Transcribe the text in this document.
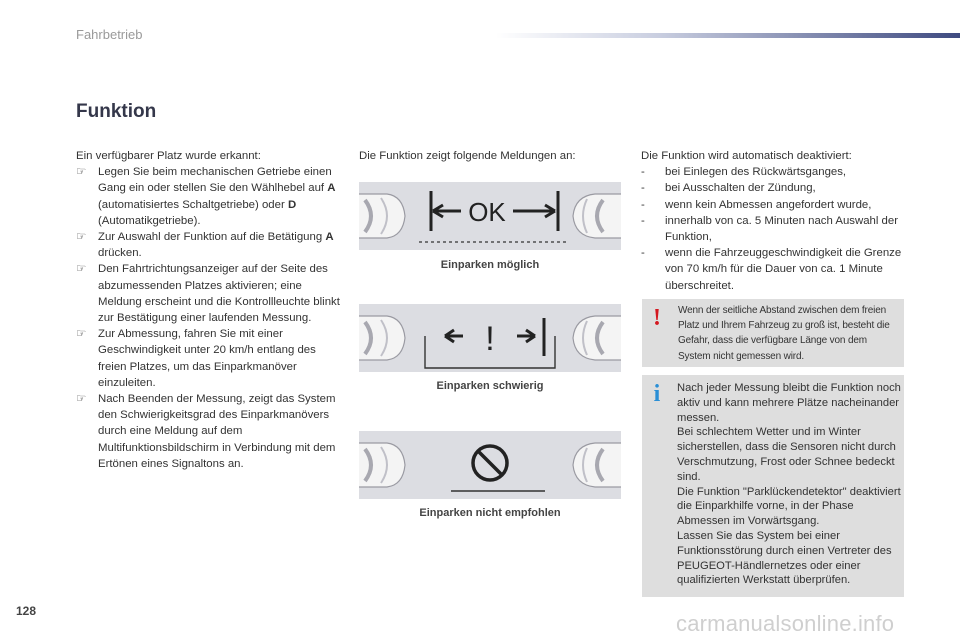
Fahrbetrieb
Funktion

Ein verfügbarer Platz wurde erkannt:

☞	Legen Sie beim mechanischen Getriebe einen Gang ein oder stellen Sie den Wählhebel auf A (automatisiertes Schaltgetriebe) oder D (Automatikgetriebe).
☞	Zur Auswahl der Funktion auf die Betätigung A drücken.
☞	Den Fahrtrichtungsanzeiger auf der Seite des abzumessenden Platzes aktivieren; eine Meldung erscheint und die Kontrollleuchte blinkt zur Bestätigung einer laufenden Messung.
☞	Zur Abmessung, fahren Sie mit einer Geschwindigkeit unter 20 km/h entlang des freien Platzes, um das Einparkmanöver einzuleiten.
☞	Nach Beenden der Messung, zeigt das System den Schwierigkeitsgrad des Einparkmanövers durch eine Meldung auf dem Multifunktionsbildschirm in Verbindung mit dem Ertönen eines Signaltons an.
Die Funktion zeigt folgende Meldungen an:
OK
Einparken möglich
!
Einparken schwierig
Einparken nicht empfohlen

Die Funktion wird automatisch deaktiviert:

-	bei Einlegen des Rückwärtsganges,
-	bei Ausschalten der Zündung,
-	wenn kein Abmessen angefordert wurde,
-	innerhalb von ca. 5 Minuten nach Auswahl der Funktion,
-	wenn die Fahrzeuggeschwindigkeit die Grenze von 70 km/h für die Dauer von ca. 1 Minute überschreitet.
!	Wenn der seitliche Abstand zwischen dem freien Platz und Ihrem Fahrzeug zu groß ist, besteht die Gefahr, dass die verfügbare Länge von dem System nicht gemessen wird.
i	Nach jeder Messung bleibt die Funktion noch aktiv und kann mehrere Plätze nacheinander messen.
Bei schlechtem Wetter und im Winter sicherstellen, dass die Sensoren nicht durch Verschmutzung, Frost oder Schnee bedeckt sind.
Die Funktion "Parklückendetektor" deaktiviert die Einparkhilfe vorne, in der Phase Abmessen im Vorwärtsgang.
Lassen Sie das System bei einer Funktionsstörung durch einen Vertreter des PEUGEOT-Händlernetzes oder einer qualifizierten Werkstatt überprüfen.
128	carmanualsonline.info
